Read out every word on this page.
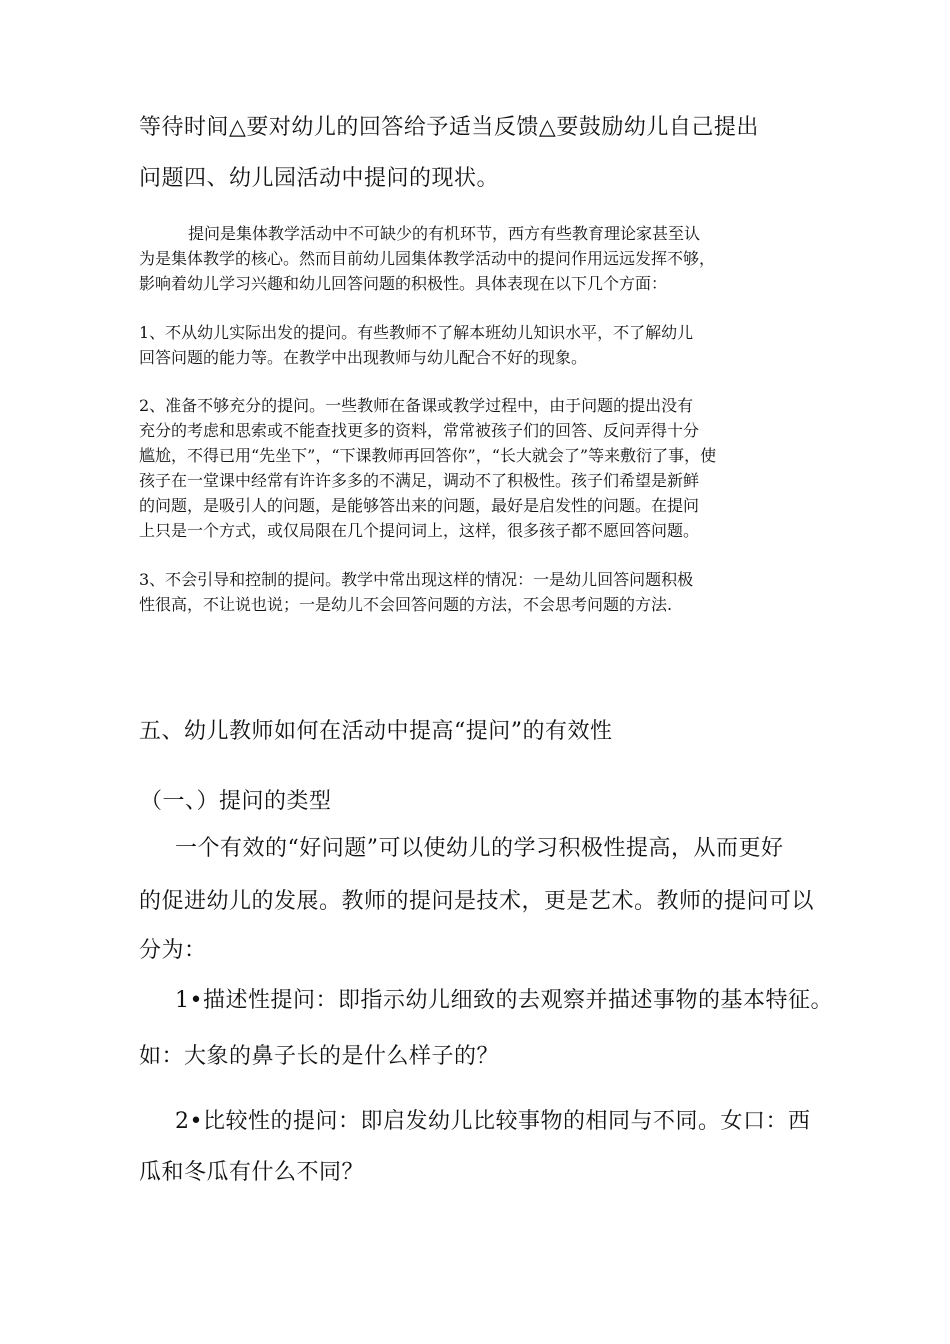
等待时间△要对幼儿的回答给予适当反馈△要鼓励幼儿自己提出
问题四、幼儿园活动中提问的现状。
提问是集体教学活动中不可缺少的有机环节，西方有些教育理论家甚至认
为是集体教学的核心。然而目前幼儿园集体教学活动中的提问作用远远发挥不够，
影响着幼儿学习兴趣和幼儿回答问题的积极性。具体表现在以下几个方面：
1、不从幼儿实际出发的提问。有些教师不了解本班幼儿知识水平，不了解幼儿
回答问题的能力等。在教学中出现教师与幼儿配合不好的现象。
2、准备不够充分的提问。一些教师在备课或教学过程中，由于问题的提出没有
充分的考虑和思索或不能查找更多的资料，常常被孩子们的回答、反问弄得十分
尴尬，不得已用“先坐下”，“下课教师再回答你”，“长大就会了”等来敷衍了事，使
孩子在一堂课中经常有许许多多的不满足，调动不了积极性。孩子们希望是新鲜
的问题，是吸引人的问题，是能够答出来的问题，最好是启发性的问题。在提问
上只是一个方式，或仅局限在几个提问词上，这样，很多孩子都不愿回答问题。
3、不会引导和控制的提问。教学中常出现这样的情况：一是幼儿回答问题积极
性很高，不让说也说；一是幼儿不会回答问题的方法，不会思考问题的方法.
五、幼儿教师如何在活动中提高“提问”的有效性
（一、）提问的类型
一个有效的“好问题”可以使幼儿的学习积极性提高，从而更好
的促进幼儿的发展。教师的提问是技术，更是艺术。教师的提问可以
分为：
1•描述性提问：即指示幼儿细致的去观察并描述事物的基本特征。
如：大象的鼻子长的是什么样子的？
2•比较性的提问：即启发幼儿比较事物的相同与不同。女口：西
瓜和冬瓜有什么不同？
